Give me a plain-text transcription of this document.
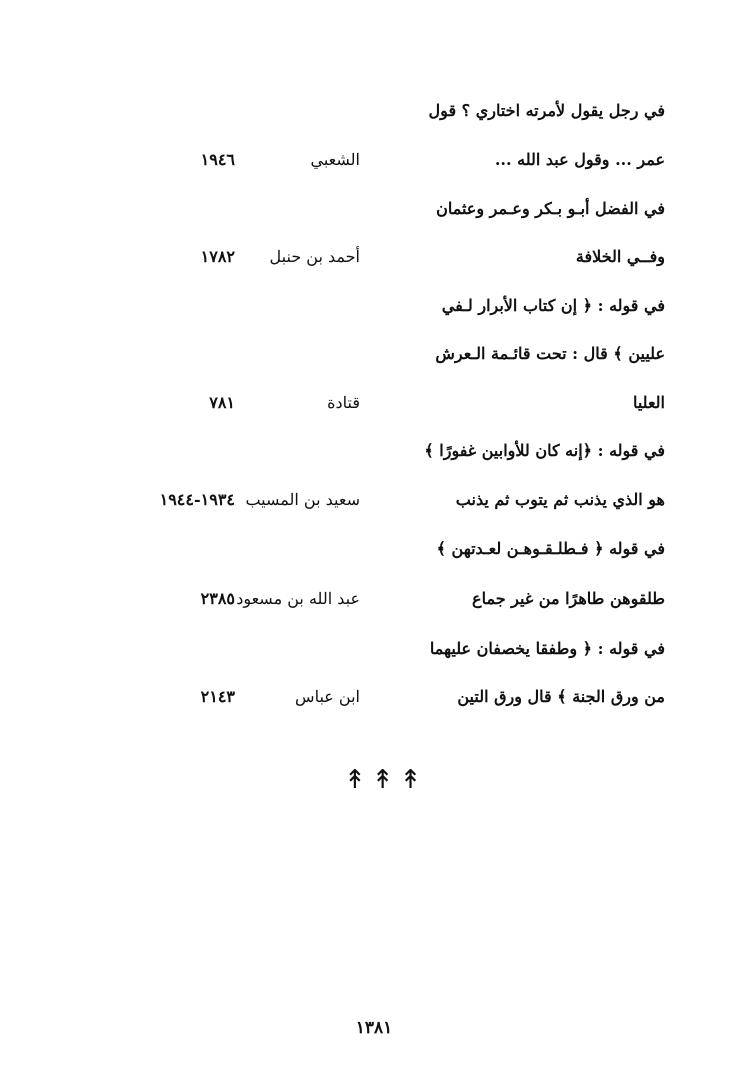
في رجل يقول لأمرته اختاري ؟ قول
عمر ... وقول عبد الله ...
الشعبي
١٩٤٦
في الفضل أبـو بـكر وعـمر وعثمان
وفــي الخلافة
أحمد بن حنبل
١٧٨٢
في قوله : ﴿ إن كتاب الأبرار لـفي
عليين ﴾ قال : تحت قائـمة الـعرش
العليا
قتادة
٧٨١
في قوله : ﴿إنه كان للأوابين غفورًا ﴾
هو الذي يذنب ثم يتوب ثم يذنب
سعيد بن المسيب
١٩٣٤-١٩٤٤
في قوله ﴿ فـطلـقـوهـن لعـدتهن ﴾
طلقوهن طاهرًا من غير جماع
عبد الله بن مسعود
٢٣٨٥
في قوله : ﴿ وطفقا يخصفان عليهما
من ورق الجنة ﴾ قال ورق التين
ابن عباس
٢١٤٣
↟↟↟
١٣٨١
